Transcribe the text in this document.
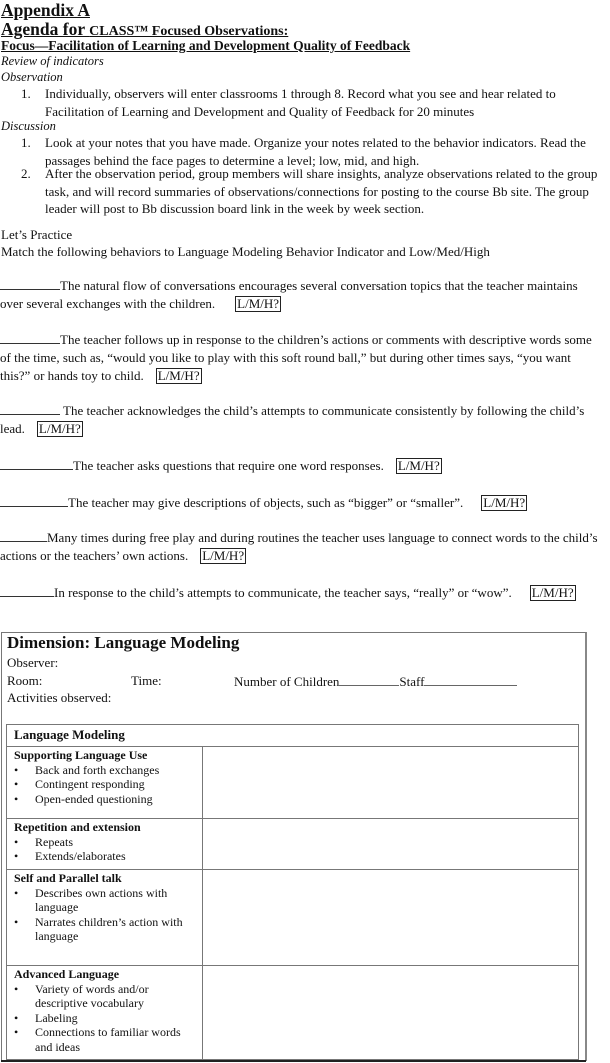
Appendix A
Agenda for CLASS™ Focused Observations:
Focus—Facilitation of Learning and Development Quality of Feedback
Review of indicators
Observation
1. Individually, observers will enter classrooms 1 through 8. Record what you see and hear related to Facilitation of Learning and Development and Quality of Feedback for 20 minutes
Discussion
1. Look at your notes that you have made. Organize your notes related to the behavior indicators. Read the passages behind the face pages to determine a level; low, mid, and high.
2. After the observation period, group members will share insights, analyze observations related to the group task, and will record summaries of observations/connections for posting to the course Bb site. The group leader will post to Bb discussion board link in the week by week section.
Let’s Practice
Match the following behaviors to Language Modeling Behavior Indicator and Low/Med/High
The natural flow of conversations encourages several conversation topics that the teacher maintains over several exchanges with the children. L/M/H?
The teacher follows up in response to the children’s actions or comments with descriptive words some of the time, such as, “would you like to play with this soft round ball,” but during other times says, “you want this?” or hands toy to child. L/M/H?
The teacher acknowledges the child’s attempts to communicate consistently by following the child’s lead. L/M/H?
The teacher asks questions that require one word responses. L/M/H?
The teacher may give descriptions of objects, such as “bigger” or “smaller”. L/M/H?
Many times during free play and during routines the teacher uses language to connect words to the child’s actions or the teachers’ own actions. L/M/H?
In response to the child’s attempts to communicate, the teacher says, “really” or “wow”. L/M/H?
Dimension: Language Modeling
Observer:
Room:	Time:	Number of Children	Staff
Activities observed:
Language Modeling	

Supporting Language Use
• Back and forth exchanges
• Contingent responding
• Open-ended questioning

Repetition and extension
• Repeats
• Extends/elaborates

Self and Parallel talk
• Describes own actions with language
• Narrates children’s action with language

Advanced Language
• Variety of words and/or descriptive vocabulary
• Labeling
• Connections to familiar words and ideas
